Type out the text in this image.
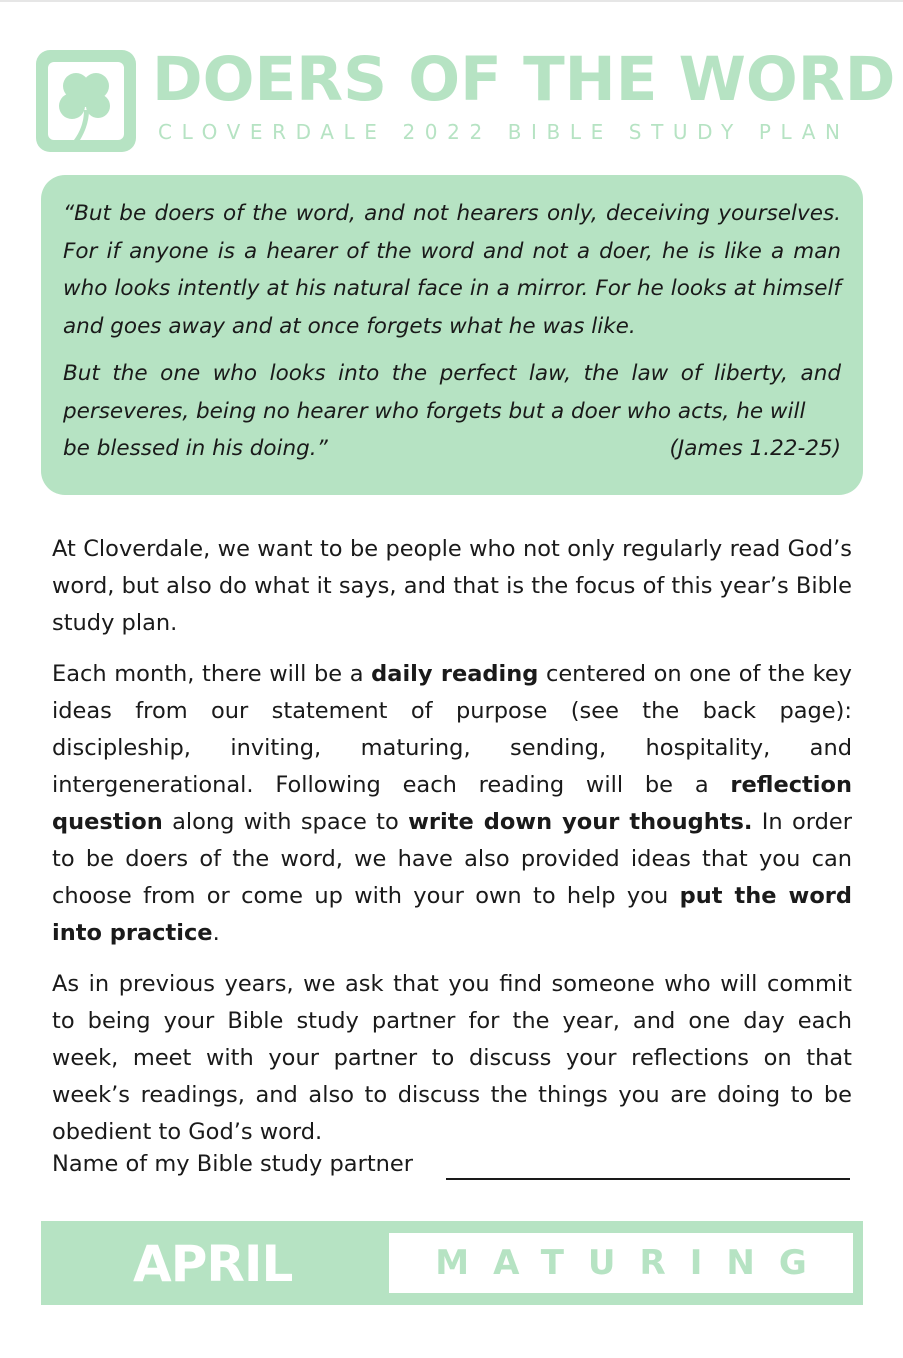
DOERS OF THE WORD
CLOVERDALE 2022 BIBLE STUDY PLAN

“But be doers of the word, and not hearers only, deceiving yourselves. For if anyone is a hearer of the word and not a doer, he is like a man who looks intently at his natural face in a mirror. For he looks at himself and goes away and at once forgets what he was like.

But the one who looks into the perfect law, the law of liberty, and perseveres, being no hearer who forgets but a doer who acts, he will
be blessed in his doing.”	(James 1.22-25)

At Cloverdale, we want to be people who not only regularly read God’s word, but also do what it says, and that is the focus of this year’s Bible study plan.

Each month, there will be a daily reading centered on one of the key ideas from our statement of purpose (see the back page): discipleship, inviting, maturing, sending, hospitality, and intergenerational. Following each reading will be a reflection question along with space to write down your thoughts. In order to be doers of the word, we have also provided ideas that you can choose from or come up with your own to help you put the word into practice.

As in previous years, we ask that you find someone who will commit to being your Bible study partner for the year, and one day each week, meet with your partner to discuss your reflections on that week’s readings, and also to discuss the things you are doing to be obedient to God’s word.

Name of my Bible study partner
APRIL	MATURING
